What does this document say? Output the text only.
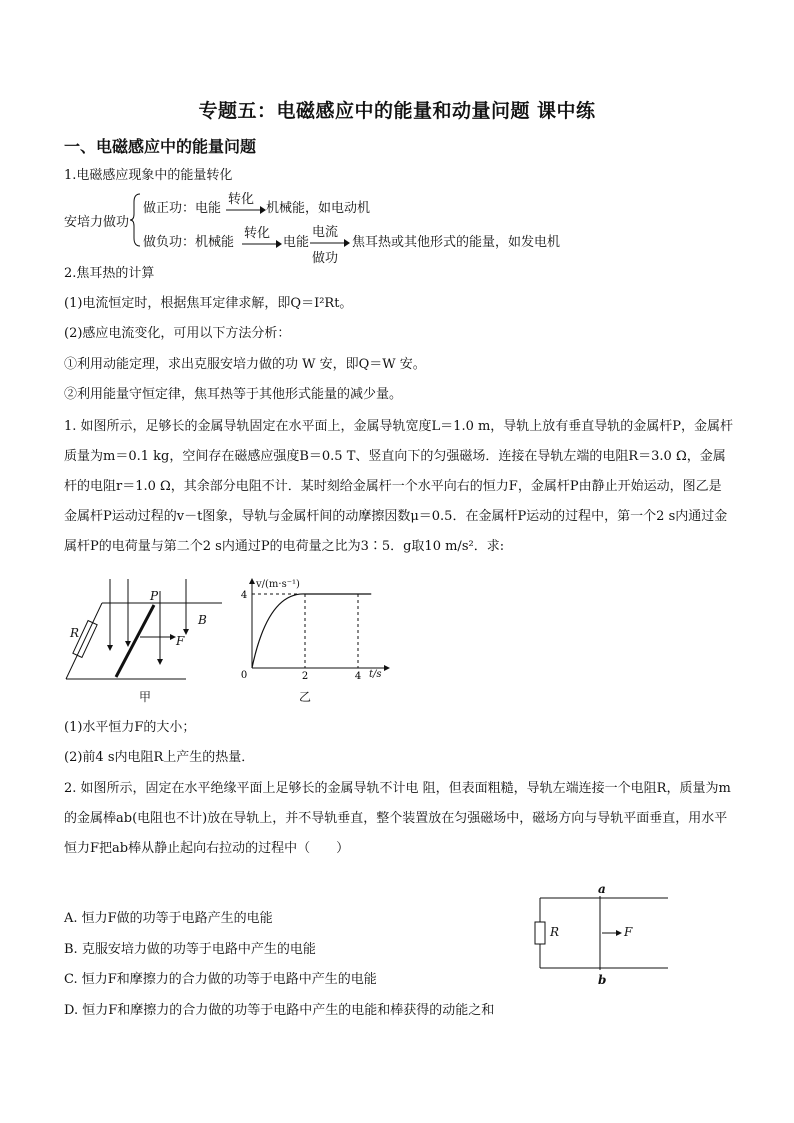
专题五：电磁感应中的能量和动量问题 课中练
一、电磁感应中的能量问题
1.电磁感应现象中的能量转化
安培力做功
做正功：电能
转化
机械能，如电动机
做负功：机械能
转化
电能
电流
做功
焦耳热或其他形式的能量，如发电机
2.焦耳热的计算
(1)电流恒定时，根据焦耳定律求解，即Q＝I²Rt。
(2)感应电流变化，可用以下方法分析：
①利用动能定理，求出克服安培力做的功 W 安，即Q＝W 安。
②利用能量守恒定律，焦耳热等于其他形式能量的减少量。
1. 如图所示，足够长的金属导轨固定在水平面上，金属导轨宽度L＝1.0 m，导轨上放有垂直导轨的金属杆P，金属杆质量为m＝0.1 kg，空间存在磁感应强度B＝0.5 T、竖直向下的匀强磁场．连接在导轨左端的电阻R＝3.0 Ω，金属杆的电阻r＝1.0 Ω，其余部分电阻不计．某时刻给金属杆一个水平向右的恒力F，金属杆P由静止开始运动，图乙是金属杆P运动过程的v－t图象，导轨与金属杆间的动摩擦因数μ＝0.5．在金属杆P运动的过程中，第一个2 s内通过金属杆P的电荷量与第二个2 s内通过P的电荷量之比为3∶5．g取10 m/s²．求:
P
R
F
B
甲
0	2	4
4
v/(m·s⁻¹)
t/s
乙
(1)水平恒力F的大小；
(2)前4 s内电阻R上产生的热量．
2. 如图所示，固定在水平绝缘平面上足够长的金属导轨不计电 阻，但表面粗糙，导轨左端连接一个电阻R，质量为m的金属棒ab(电阻也不计)放在导轨上，并不导轨垂直，整个装置放在匀强磁场中，磁场方向与导轨平面垂直，用水平恒力F把ab棒从静止起向右拉动的过程中（　　）
a
b
R	F
A. 恒力F做的功等于电路产生的电能
B. 克服安培力做的功等于电路中产生的电能
C. 恒力F和摩擦力的合力做的功等于电路中产生的电能
D. 恒力F和摩擦力的合力做的功等于电路中产生的电能和棒获得的动能之和
